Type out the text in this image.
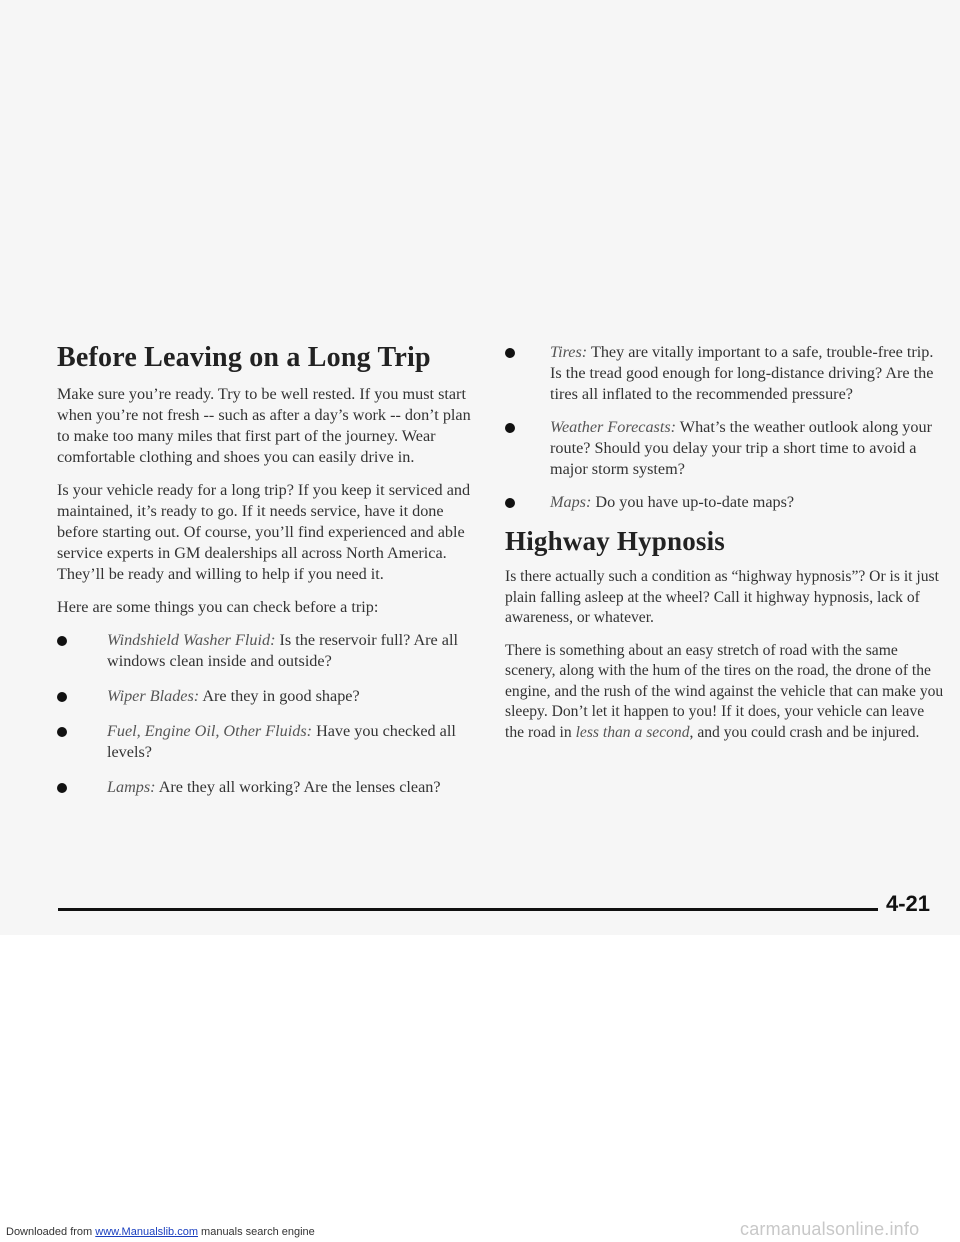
Before Leaving on a Long Trip

Make sure you’re ready. Try to be well rested. If you must start when you’re not fresh -- such as after a day’s work -- don’t plan to make too many miles that first part of the journey. Wear comfortable clothing and shoes you can easily drive in.

Is your vehicle ready for a long trip? If you keep it serviced and maintained, it’s ready to go. If it needs service, have it done before starting out. Of course, you’ll find experienced and able service experts in GM dealerships all across North America. They’ll be ready and willing to help if you need it.

Here are some things you can check before a trip:

Windshield Washer Fluid: Is the reservoir full? Are all windows clean inside and outside?
Wiper Blades: Are they in good shape?
Fuel, Engine Oil, Other Fluids: Have you checked all levels?
Lamps: Are they all working? Are the lenses clean?
Tires: They are vitally important to a safe, trouble-free trip. Is the tread good enough for long-distance driving? Are the tires all inflated to the recommended pressure?
Weather Forecasts: What’s the weather outlook along your route? Should you delay your trip a short time to avoid a major storm system?
Maps: Do you have up-to-date maps?
Highway Hypnosis

Is there actually such a condition as “highway hypnosis”? Or is it just plain falling asleep at the wheel? Call it highway hypnosis, lack of awareness, or whatever.

There is something about an easy stretch of road with the same scenery, along with the hum of the tires on the road, the drone of the engine, and the rush of the wind against the vehicle that can make you sleepy. Don’t let it happen to you! If it does, your vehicle can leave the road in less than a second, and you could crash and be injured.

4-21
Downloaded from www.Manualslib.com manuals search engine	carmanualsonline.info
